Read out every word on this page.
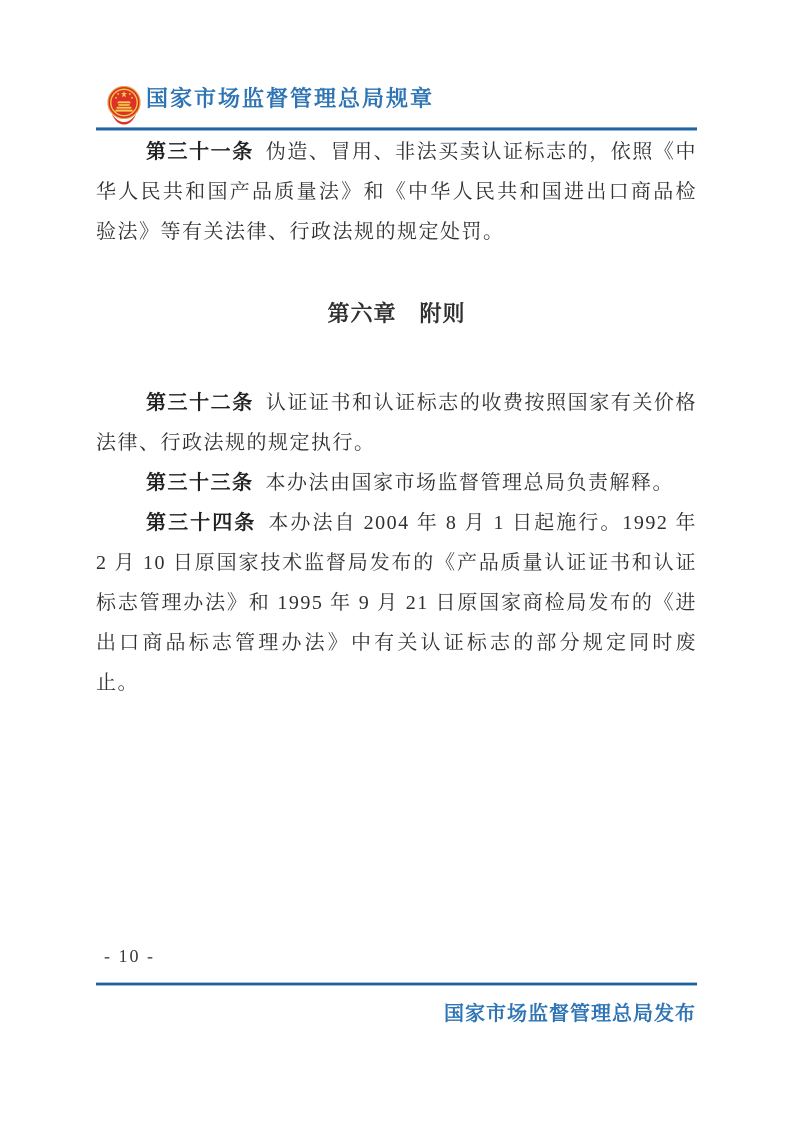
国家市场监督管理总局规章

第三十一条 伪造、冒用、非法买卖认证标志的，依照《中华人民共和国产品质量法》和《中华人民共和国进出口商品检验法》等有关法律、行政法规的规定处罚。

第六章　附则

第三十二条 认证证书和认证标志的收费按照国家有关价格法律、行政法规的规定执行。

第三十三条 本办法由国家市场监督管理总局负责解释。

第三十四条 本办法自 2004 年 8 月 1 日起施行。1992 年 2 月 10 日原国家技术监督局发布的《产品质量认证证书和认证标志管理办法》和 1995 年 9 月 21 日原国家商检局发布的《进出口商品标志管理办法》中有关认证标志的部分规定同时废止。

- 10 -
国家市场监督管理总局发布
